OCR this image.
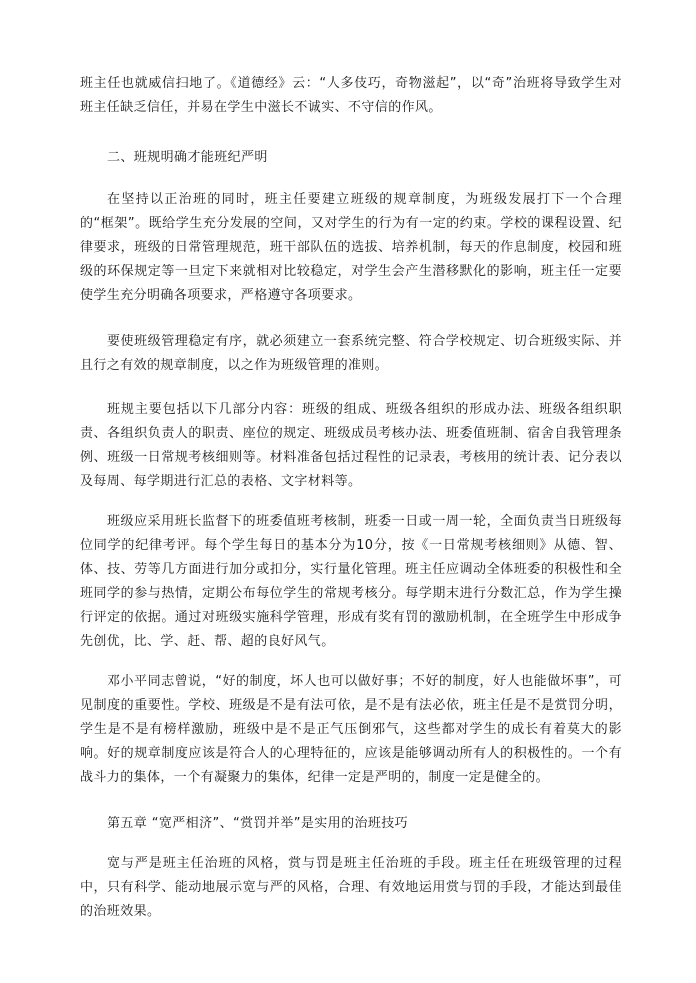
班主任也就威信扫地了。《道德经》云：“人多伎巧，奇物滋起”，以“奇”治班将导致学生对班主任缺乏信任，并易在学生中滋长不诚实、不守信的作风。

二、班规明确才能班纪严明

在坚持以正治班的同时，班主任要建立班级的规章制度，为班级发展打下一个合理的“框架”。既给学生充分发展的空间，又对学生的行为有一定的约束。学校的课程设置、纪律要求，班级的日常管理规范，班干部队伍的选拔、培养机制，每天的作息制度，校园和班级的环保规定等一旦定下来就相对比较稳定，对学生会产生潜移默化的影响，班主任一定要使学生充分明确各项要求，严格遵守各项要求。

要使班级管理稳定有序，就必须建立一套系统完整、符合学校规定、切合班级实际、并且行之有效的规章制度，以之作为班级管理的准则。

班规主要包括以下几部分内容：班级的组成、班级各组织的形成办法、班级各组织职责、各组织负责人的职责、座位的规定、班级成员考核办法、班委值班制、宿舍自我管理条例、班级一日常规考核细则等。材料准备包括过程性的记录表，考核用的统计表、记分表以及每周、每学期进行汇总的表格、文字材料等。

班级应采用班长监督下的班委值班考核制，班委一日或一周一轮，全面负责当日班级每位同学的纪律考评。每个学生每日的基本分为10分，按《一日常规考核细则》从德、智、体、技、劳等几方面进行加分或扣分，实行量化管理。班主任应调动全体班委的积极性和全班同学的参与热情，定期公布每位学生的常规考核分。每学期末进行分数汇总，作为学生操行评定的依据。通过对班级实施科学管理，形成有奖有罚的激励机制，在全班学生中形成争先创优，比、学、赶、帮、超的良好风气。

邓小平同志曾说，“好的制度，坏人也可以做好事；不好的制度，好人也能做坏事”，可见制度的重要性。学校、班级是不是有法可依，是不是有法必依，班主任是不是赏罚分明，学生是不是有榜样激励，班级中是不是正气压倒邪气，这些都对学生的成长有着莫大的影响。好的规章制度应该是符合人的心理特征的，应该是能够调动所有人的积极性的。一个有战斗力的集体，一个有凝聚力的集体，纪律一定是严明的，制度一定是健全的。

第五章 “宽严相济”、“赏罚并举”是实用的治班技巧

宽与严是班主任治班的风格，赏与罚是班主任治班的手段。班主任在班级管理的过程中，只有科学、能动地展示宽与严的风格，合理、有效地运用赏与罚的手段，才能达到最佳的治班效果。
